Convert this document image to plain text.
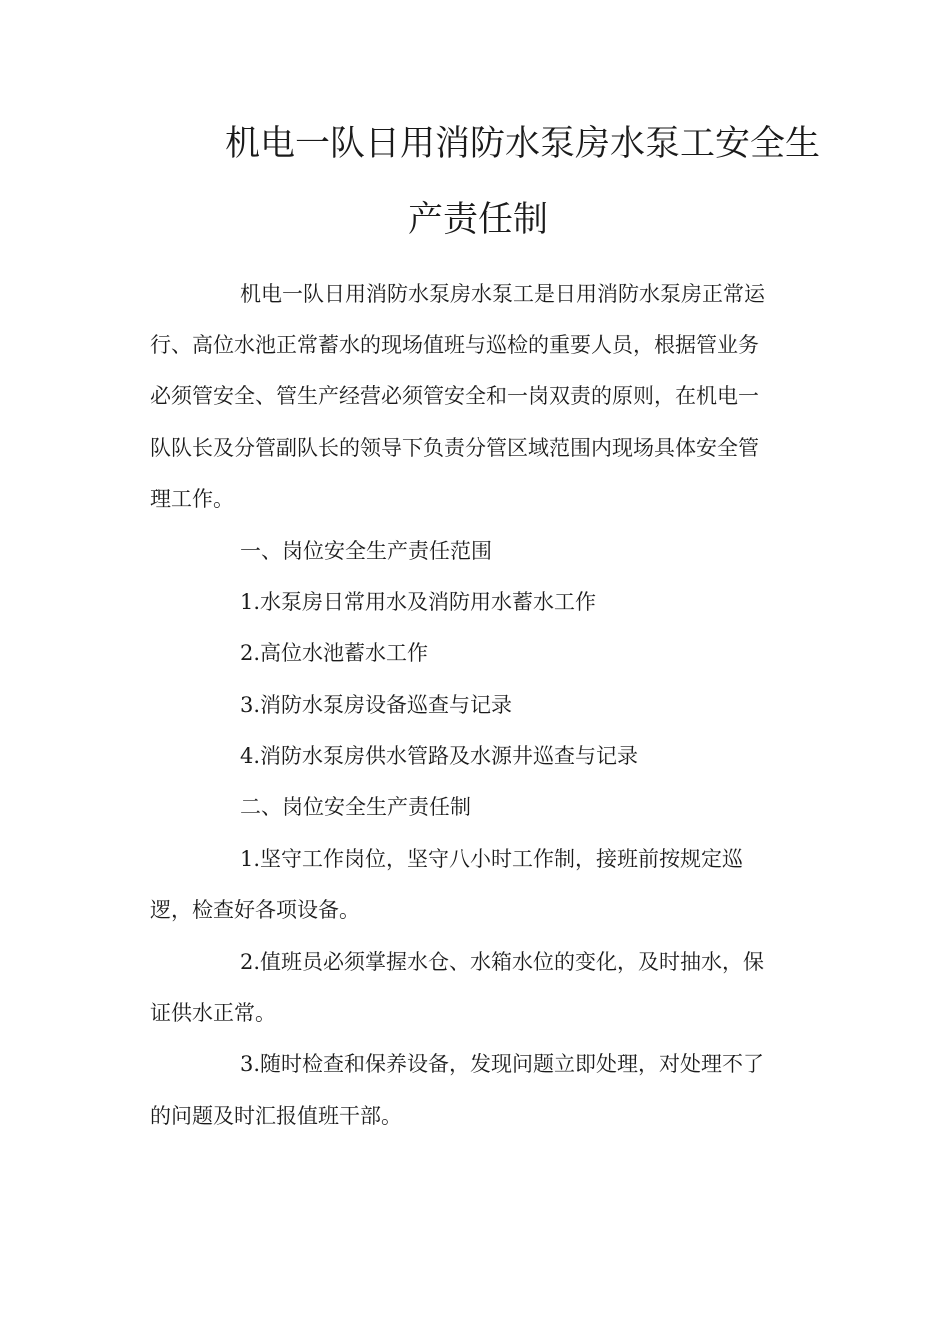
机电一队日用消防水泵房水泵工安全生
产责任制

机电一队日用消防水泵房水泵工是日用消防水泵房正常运

行、高位水池正常蓄水的现场值班与巡检的重要人员，根据管业务

必须管安全、管生产经营必须管安全和一岗双责的原则，在机电一

队队长及分管副队长的领导下负责分管区域范围内现场具体安全管

理工作。

一、岗位安全生产责任范围

1.水泵房日常用水及消防用水蓄水工作

2.高位水池蓄水工作

3.消防水泵房设备巡查与记录

4.消防水泵房供水管路及水源井巡查与记录

二、岗位安全生产责任制

1.坚守工作岗位，坚守八小时工作制，接班前按规定巡

逻，检查好各项设备。

2.值班员必须掌握水仓、水箱水位的变化，及时抽水，保

证供水正常。

3.随时检查和保养设备，发现问题立即处理，对处理不了

的问题及时汇报值班干部。
